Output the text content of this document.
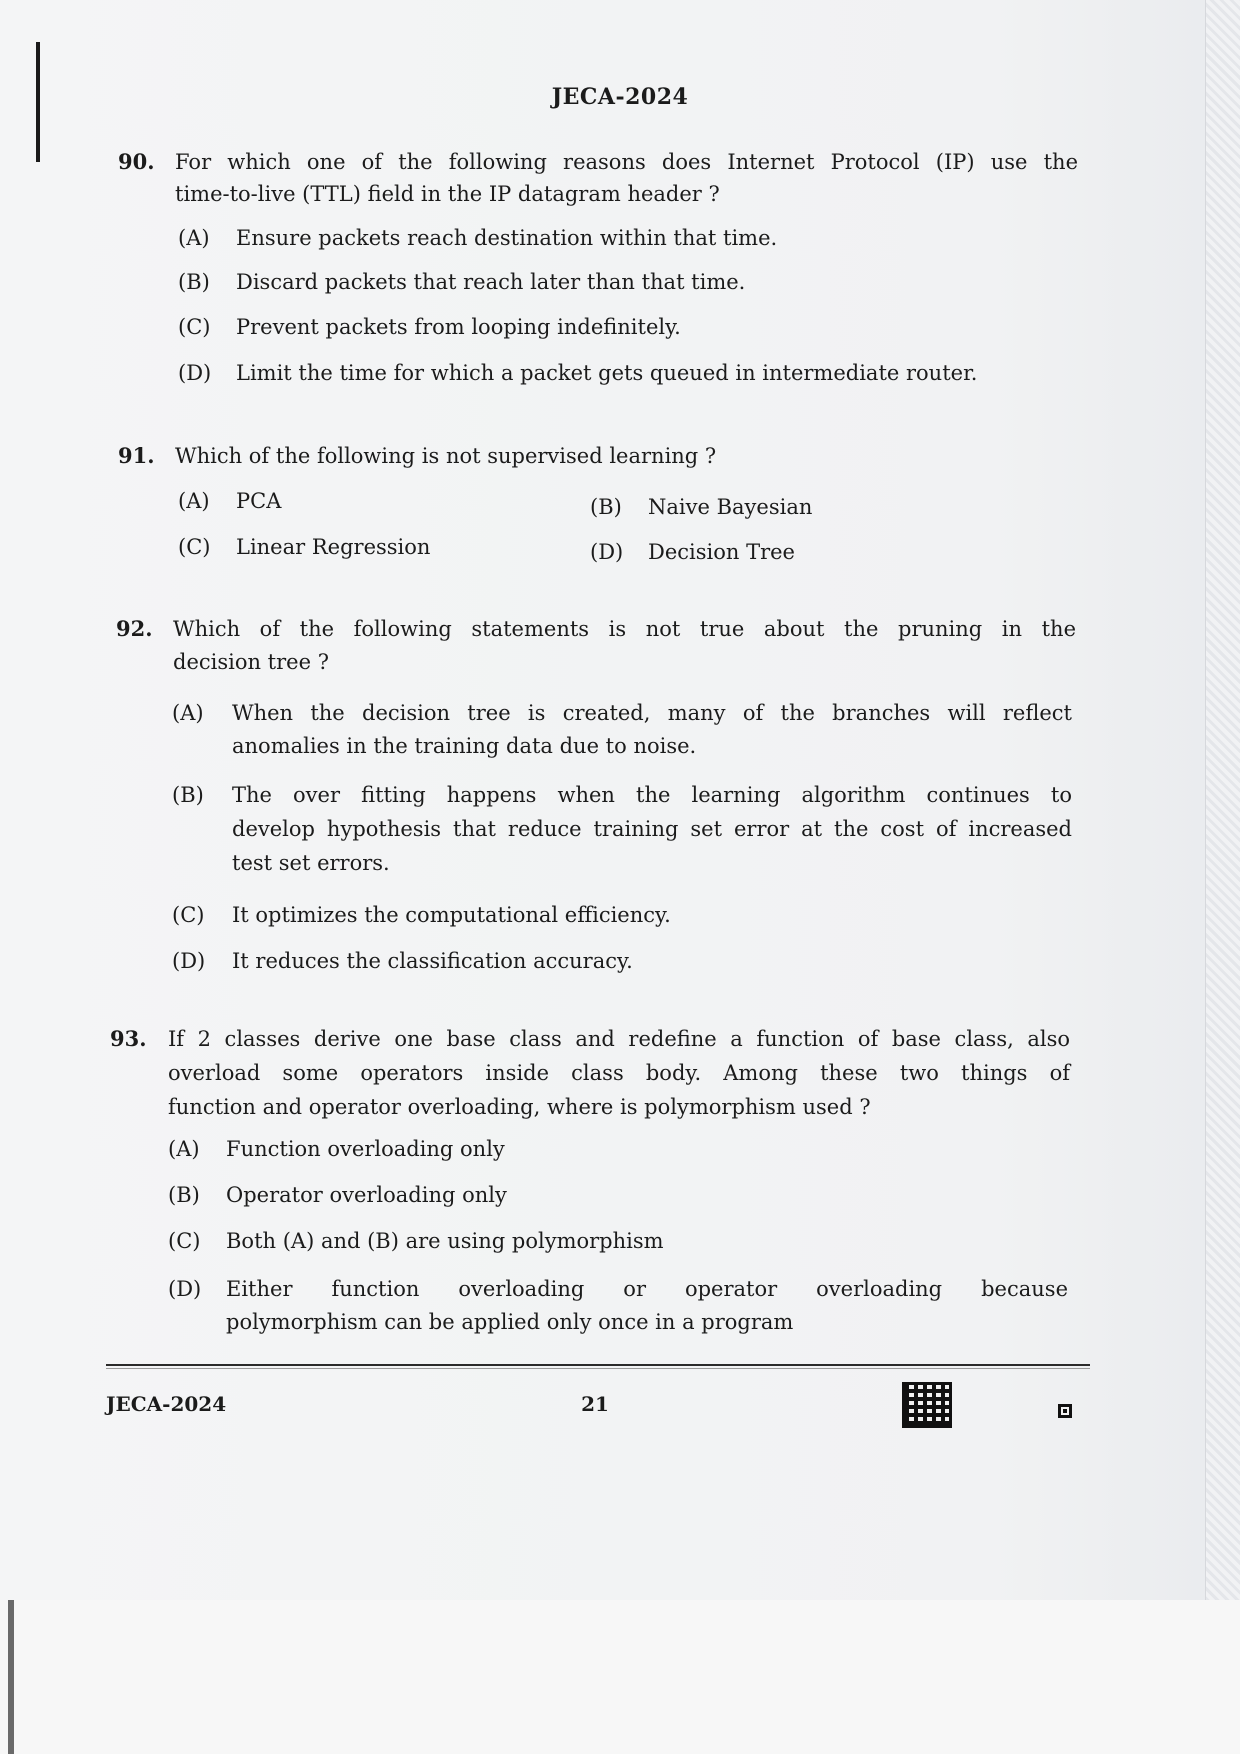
JECA-2024
90. For which one of the following reasons does Internet Protocol (IP) use the
time-to-live (TTL) field in the IP datagram header ?
(A) Ensure packets reach destination within that time.
(B) Discard packets that reach later than that time.
(C) Prevent packets from looping indefinitely.
(D) Limit the time for which a packet gets queued in intermediate router.
91. Which of the following is not supervised learning ?
(A) PCA	(B) Naive Bayesian
(C) Linear Regression	(D) Decision Tree
92. Which of the following statements is not true about the pruning in the
decision tree ?
(A) When the decision tree is created, many of the branches will reflect
anomalies in the training data due to noise.
(B) The over fitting happens when the learning algorithm continues to
develop hypothesis that reduce training set error at the cost of increased
test set errors.
(C) It optimizes the computational efficiency.
(D) It reduces the classification accuracy.
93. If 2 classes derive one base class and redefine a function of base class, also
overload some operators inside class body. Among these two things of
function and operator overloading, where is polymorphism used ?
(A) Function overloading only
(B) Operator overloading only
(C) Both (A) and (B) are using polymorphism
(D) Either function overloading or operator overloading because
polymorphism can be applied only once in a program
JECA-2024	21
